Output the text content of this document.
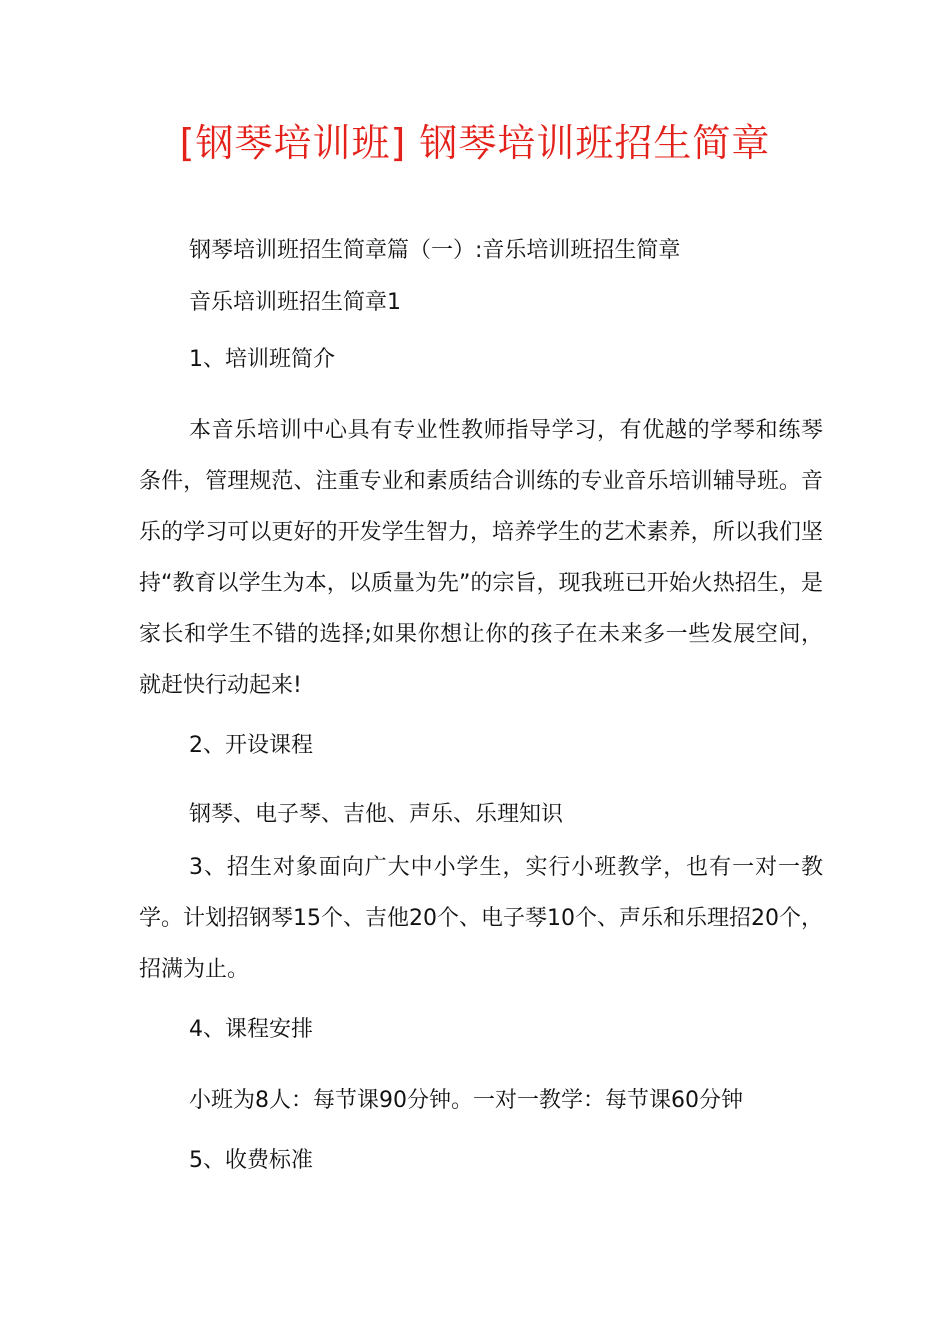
[钢琴培训班] 钢琴培训班招生简章
钢琴培训班招生简章篇（一）:音乐培训班招生简章
音乐培训班招生简章1
1、培训班简介
本音乐培训中心具有专业性教师指导学习，有优越的学琴和练琴条件，管理规范、注重专业和素质结合训练的专业音乐培训辅导班。音乐的学习可以更好的开发学生智力，培养学生的艺术素养，所以我们坚持“教育以学生为本，以质量为先”的宗旨，现我班已开始火热招生，是家长和学生不错的选择;如果你想让你的孩子在未来多一些发展空间，就赶快行动起来!
2、开设课程
钢琴、电子琴、吉他、声乐、乐理知识
3、招生对象面向广大中小学生，实行小班教学，也有一对一教学。计划招钢琴15个、吉他20个、电子琴10个、声乐和乐理招20个，招满为止。
4、课程安排
小班为8人：每节课90分钟。一对一教学：每节课60分钟
5、收费标准
